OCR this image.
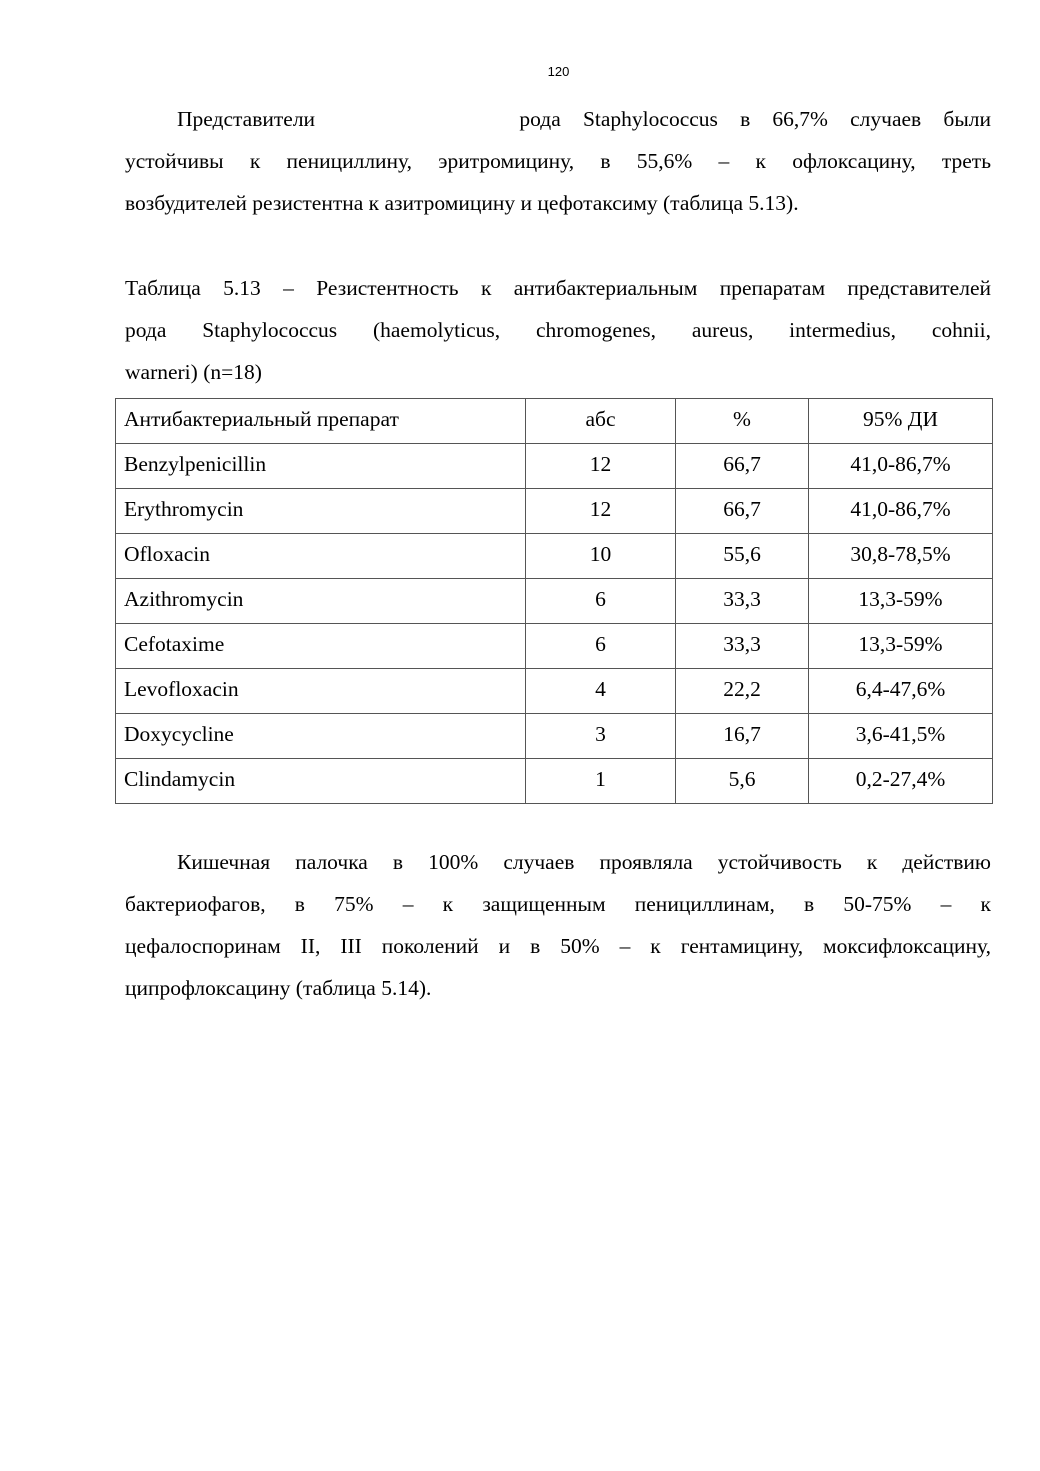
120
Представители	рода Staphylococcus в 66,7% случаев были
устойчивы к пенициллину, эритромицину, в 55,6% – к офлоксацину, треть
возбудителей резистентна к азитромицину и цефотаксиму (таблица 5.13).
Таблица 5.13 – Резистентность к антибактериальным препаратам представителей
рода Staphylococcus (haemolyticus, chromogenes, aureus, intermedius, cohnii,
warneri) (n=18)
Антибактериальный препарат	абс	%	95% ДИ
Benzylpenicillin	12	66,7	41,0-86,7%
Erythromycin	12	66,7	41,0-86,7%
Ofloxacin	10	55,6	30,8-78,5%
Azithromycin	6	33,3	13,3-59%
Cefotaxime	6	33,3	13,3-59%
Levofloxacin	4	22,2	6,4-47,6%
Doxycycline	3	16,7	3,6-41,5%
Clindamycin	1	5,6	0,2-27,4%
Кишечная палочка в 100% случаев проявляла устойчивость к действию
бактериофагов, в 75% – к защищенным пенициллинам, в 50-75% – к
цефалоспоринам II, III поколений и в 50% – к гентамицину, моксифлоксацину,
ципрофлоксацину (таблица 5.14).
